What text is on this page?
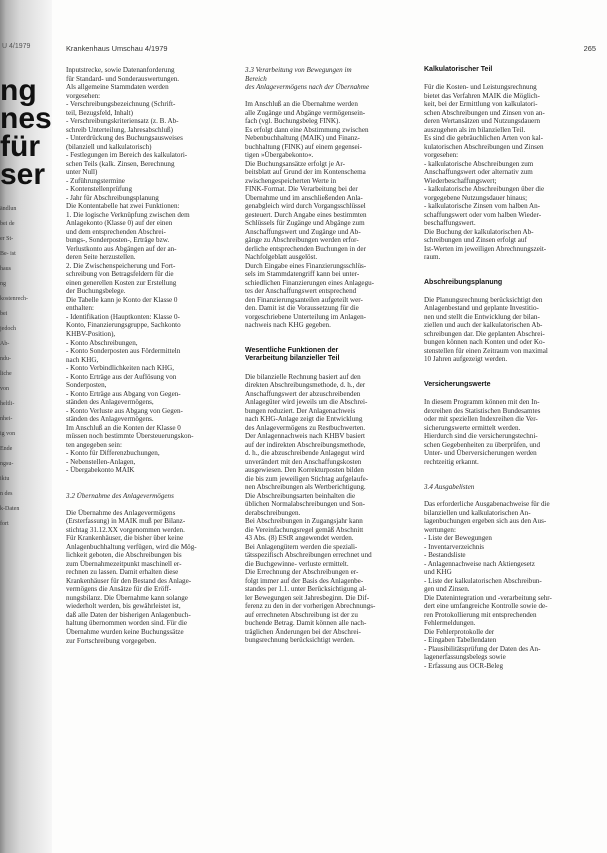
U 4/1979
ng
nes
für
ser
ändlun
bei de
er St-
Be- ist
haus
ng
kostenrech-
bei
jedoch
Ab-
ndu-
liche
von
heltli-
nhei-
ig von
Ende
ngsu-
iktu
n des
k-Daten
fort
Krankenhaus Umschau 4/1979	265
Inputstrecke, sowie Datenanforderung
für Standard- und Sonderauswertungen.
Als allgemeine Stammdaten werden
vorgesehen:
- Verschreibungsbezeichnung (Schrift-
teil, Bezugsfeld, Inhalt)
- Verschreibungskriteriensatz (z. B. Ab-
schreib Unterteilung, Jahresabschluß)
- Unterdrückung des Buchungsausweises
(bilanziell und kalkulatorisch)
- Festlegungen im Bereich des kalkulatori-
schen Teils (kalk. Zinsen, Berechnung
unter Null)
- Zuführungstermine
- Kontenstellenprüfung
- Jahr für Abschreibungsplanung
Die Kontentabelle hat zwei Funktionen:
1. Die logische Verknüpfung zwischen dem
Anlagekonto (Klasse 0) auf der einen
und dem entsprechenden Abschrei-
bungs-, Sonderposten-, Erträge bzw.
Verlustkonto aus Abgängen auf der an-
deren Seite herzustellen.
2. Die Zwischenspeicherung und Fort-
schreibung von Betragsfeldern für die
einen generellen Kosten zur Erstellung
der Buchungsbelege.
Die Tabelle kann je Konto der Klasse 0
enthalten:
- Identifikation (Hauptkonten: Klasse 0-
Konto, Finanzierungsgruppe, Sachkonto
KHBV-Position),
- Konto Abschreibungen,
- Konto Sonderposten aus Fördermitteln
nach KHG,
- Konto Verbindlichkeiten nach KHG,
- Konto Erträge aus der Auflösung von
Sonderposten,
- Konto Erträge aus Abgang von Gegen-
ständen des Anlagevermögens,
- Konto Verluste aus Abgang von Gegen-
ständen des Anlagevermögens.
Im Anschluß an die Konten der Klasse 0
müssen noch bestimmte Übersteuerungskon-
ten angegeben sein:
- Konto für Differenzbuchungen,
- Nebenstellen-Anlagen,
- Übergabekonto MAIK
3.2 Übernahme des Anlagevermögens
Die Übernahme des Anlagevermögens
(Ersterfassung) in MAIK muß per Bilanz-
stichtag 31.12.XX vorgenommen werden.
Für Krankenhäuser, die bisher über keine
Anlagenbuchhaltung verfügen, wird die Mög-
lichkeit geboten, die Abschreibungen bis
zum Übernahmezeitpunkt maschinell er-
rechnen zu lassen. Damit erhalten diese
Krankenhäuser für den Bestand des Anlage-
vermögens die Ansätze für die Eröff-
nungsbilanz. Die Übernahme kann solange
wiederholt werden, bis gewährleistet ist,
daß alle Daten der bisherigen Anlagenbuch-
haltung übernommen worden sind. Für die
Übernahme wurden keine Buchungssätze
zur Fortschreibung vorgegeben.
3.3 Verarbeitung von Bewegungen im
Bereich
des Anlagevermögens nach der Übernahme
Im Anschluß an die Übernahme werden
alle Zugänge und Abgänge vermögensein-
fach (vgl. Buchungsbeleg FINK).
Es erfolgt dann eine Abstimmung zwischen
Nebenbuchhaltung (MAIK) und Finanz-
buchhaltung (FINK) auf einem gegensei-
tigen »Übergabekonto«.
Die Buchungsansätze erfolgt je Ar-
beitsblatt auf Grund der im Kontenschema
zwischengespeicherten Werte in
FINK-Format. Die Verarbeitung bei der
Übernahme und im anschließenden Anla-
genabgleich wird durch Vorgangsschlüssel
gesteuert. Durch Angabe eines bestimmten
Schlüssels für Zugänge und Abgänge zum
Anschaffungswert und Zugänge und Ab-
gänge zu Abschreibungen werden erfor-
derliche entsprechenden Buchungen in der
Nachfolgeblatt ausgelöst.
Durch Eingabe eines Finanzierungsschlüs-
sels im Stammdatengriff kann bei unter-
schiedlichen Finanzierungen eines Anlagegu-
tes der Anschaffungswert entsprechend
den Finanzierungsanteilen aufgeteilt wer-
den. Damit ist die Voraussetzung für die
vorgeschriebene Unterteilung im Anlagen-
nachweis nach KHG gegeben.
Wesentliche Funktionen der
Verarbeitung bilanzieller Teil
Die bilanzielle Rechnung basiert auf den
direkten Abschreibungsmethode, d. h., der
Anschaffungswert der abzuschreibenden
Anlagegüter wird jeweils um die Abschrei-
bungen reduziert. Der Anlagenachweis
nach KHG-Anlage zeigt die Entwicklung
des Anlagevermögens zu Restbuchwerten.
Der Anlagennachweis nach KHBV basiert
auf der indirekten Abschreibungsmethode,
d. h., die abzuschreibende Anlagegut wird
unverändert mit den Anschaffungskosten
ausgewiesen. Den Korrekturposten bilden
die bis zum jeweiligen Stichtag aufgelaufe-
nen Abschreibungen als Wertberichtigung.
Die Abschreibungsarten beinhalten die
üblichen Normalabschreibungen und Son-
derabschreibungen.
Bei Abschreibungen in Zugangsjahr kann
die Vereinfachungsregel gemäß Abschnitt
43 Abs. (8) EStR angewendet werden.
Bei Anlagengütern werden die speziali-
tätsspezifisch Abschreibungen errechnet und
die Buchgewinne- verluste ermittelt.
Die Errechnung der Abschreibungen er-
folgt immer auf der Basis des Anlagenbe-
standes per 1.1. unter Berücksichtigung al-
ler Bewegungen seit Jahresbeginn. Die Dif-
ferenz zu den in der vorherigen Abrechnungs-
auf errechneten Abschreibung ist der zu
buchende Betrag. Damit können alle nach-
träglichen Änderungen bei der Abschrei-
bungsrechnung berücksichtigt werden.
Kalkulatorischer Teil
Für die Kosten- und Leistungsrechnung
bietet das Verfahren MAIK die Möglich-
keit, bei der Ermittlung von kalkulatori-
schen Abschreibungen und Zinsen von an-
deren Wertansätzen und Nutzungsdauern
auszugehen als im bilanziellen Teil.
Es sind die gebräuchlichen Arten von kal-
kulatorischen Abschreibungen und Zinsen
vorgesehen:
- kalkulatorische Abschreibungen zum
Anschaffungswert oder alternativ zum
Wiederbeschaffungswert;
- kalkulatorische Abschreibungen über die
vorgegebene Nutzungsdauer hinaus;
- kalkulatorische Zinsen vom halben An-
schaffungswert oder vom halben Wieder-
beschaffungswert.
Die Buchung der kalkulatorischen Ab-
schreibungen und Zinsen erfolgt auf
Ist-Werten im jeweiligen Abrechnungszeit-
raum.
Abschreibungsplanung
Die Planungsrechnung berücksichtigt den
Anlagenbestand und geplante Investitio-
nen und stellt die Entwicklung der bilan-
ziellen und auch der kalkulatorischen Ab-
schreibungen dar. Die geplanten Abschrei-
bungen können nach Konten und oder Ko-
stenstellen für einen Zeitraum von maximal
10 Jahren aufgezeigt werden.
Versicherungswerte
In diesem Programm können mit den In-
dexreihen des Statistischen Bundesamtes
oder mit speziellen Indexreihen die Ver-
sicherungswerte ermittelt werden.
Hierdurch sind die versicherungstechni-
schen Gegebenheiten zu überprüfen, und
Unter- und Überversicherungen werden
rechtzeitig erkannt.
3.4 Ausgabelisten
Das erforderliche Ausgabenachweise für die
bilanziellen und kalkulatorischen An-
lagenbuchungen ergeben sich aus den Aus-
wertungen:
- Liste der Bewegungen
- Inventarverzeichnis
- Bestandsliste
- Anlagennachweise nach Aktiengesetz
und KHG
- Liste der kalkulatorischen Abschreibun-
gen und Zinsen.
Die Datenintegration und -verarbeitung sehr-
dert eine umfangreiche Kontrolle sowie de-
ren Protokollierung mit entsprechenden
Fehlermeldungen.
Die Fehlerprotokolle der
- Eingaben Tabellendaten
- Plausibilitätsprüfung der Daten des An-
lagenerfassungsbelegs sowie
- Erfassung aus OCR-Beleg
